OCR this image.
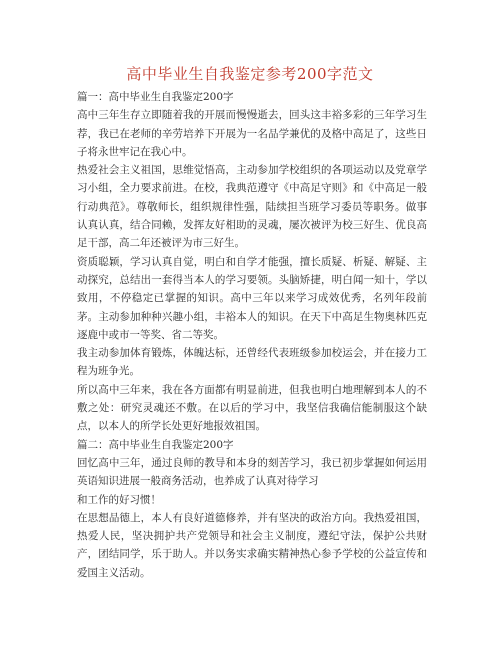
高中毕业生自我鉴定参考200字范文

篇一：高中毕业生自我鉴定200字

高中三年生存立即随着我的开展而慢慢逝去，回头这丰裕多彩的三年学习生荐，我已在老师的辛劳培养下开展为一名品学兼优的及格中高足了，这些日子将永世牢记在我心中。

热爱社会主义祖国，思维觉悟高，主动参加学校组织的各项运动以及党章学习小组，全力要求前进。在校，我典范遵守《中高足守则》和《中高足一般行动典范》。尊敬师长，组织规律性强，陆续担当班学习委员等职务。做事认真认真，结合同赖，发挥友好相助的灵魂，屡次被评为校三好生、优良高足干部，高二年还被评为市三好生。

资质聪颖，学习认真自觉，明白和自学才能强，擅长质疑、析疑、解疑、主动探究，总结出一套得当本人的学习要领。头脑矫捷，明白闻一知十，学以致用，不停稳定已掌握的知识。高中三年以来学习成效优秀，名列年段前茅。主动参加种种兴趣小组，丰裕本人的知识。在天下中高足生物奥林匹克逐鹿中或市一等奖、省二等奖。

我主动参加体育锻炼，体魄达标，还曾经代表班级参加校运会，并在接力工程为班争光。

所以高中三年来，我在各方面都有明显前进，但我也明白地理解到本人的不敷之处：研究灵魂还不敷。在以后的学习中，我坚信我确信能制服这个缺点，以本人的所学长处更好地报效祖国。

篇二：高中毕业生自我鉴定200字

回忆高中三年，通过良师的教导和本身的刻苦学习，我已初步掌握如何运用英语知识进展一般商务活动，也养成了认真对待学习

和工作的好习惯！

在思想品德上，本人有良好道德修养，并有坚决的政治方向。我热爱祖国，热爱人民，坚决拥护共产党领导和社会主义制度，遵纪守法，保护公共财产，团结同学，乐于助人。并以务实求确实精神热心参予学校的公益宣传和爱国主义活动。
